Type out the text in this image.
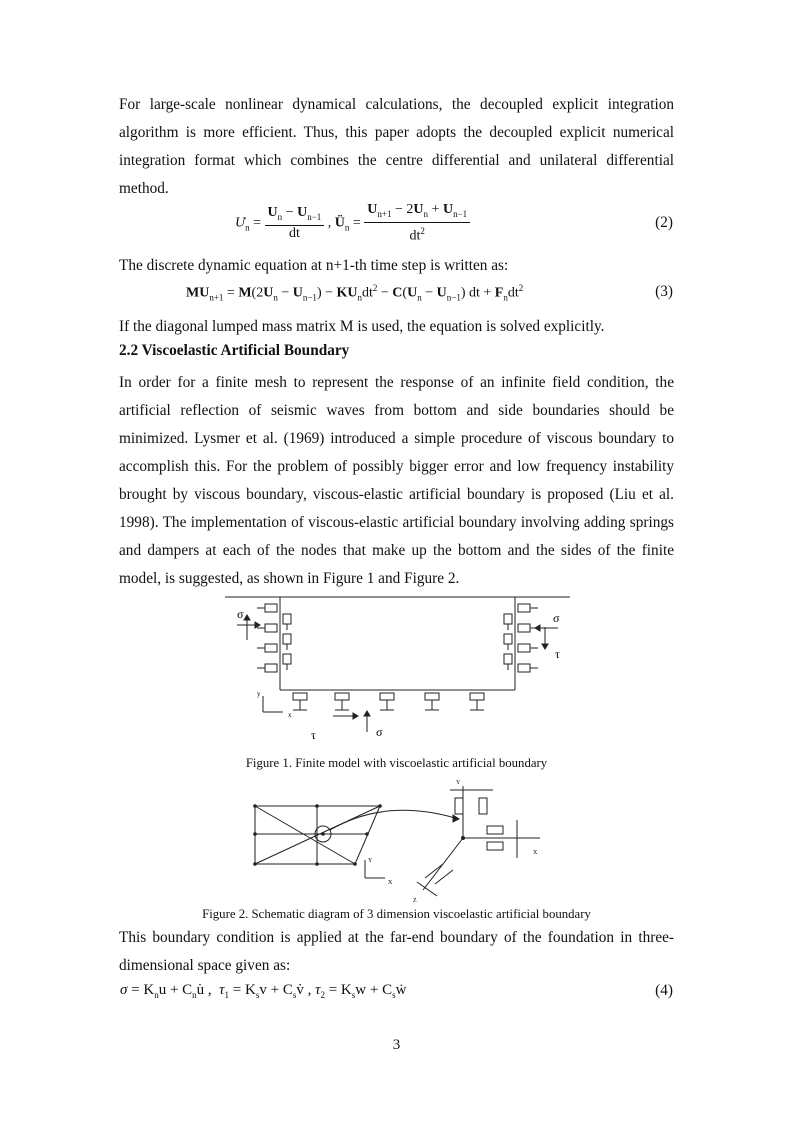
For large-scale nonlinear dynamical calculations, the decoupled explicit integration algorithm is more efficient. Thus, this paper adopts the decoupled explicit numerical integration format which combines the centre differential and unilateral differential method.
$U_n = \frac{U_n - U_{n-1}}{dt}$ , $Ü_n = \frac{U_{n+1} - 2U_n + U_{n-1}}{dt^2}$	(2)
The discrete dynamic equation at n+1-th time step is written as:
$MU_{n+1} = M(2U_n - U_{n-1}) - KU_ndt^2 - C(U_n - U_{n-1})$ dt + $F_ndt^2$	(3)
If the diagonal lumped mass matrix M is used, the equation is solved explicitly.
2.2 Viscoelastic Artificial Boundary
In order for a finite mesh to represent the response of an infinite field condition, the artificial reflection of seismic waves from bottom and side boundaries should be minimized. Lysmer et al. (1969) introduced a simple procedure of viscous boundary to accomplish this. For the problem of possibly bigger error and low frequency instability brought by viscous boundary, viscous-elastic artificial boundary is proposed (Liu et al. 1998). The implementation of viscous-elastic artificial boundary involving adding springs and dampers at each of the nodes that make up the bottom and the sides of the finite model, is suggested, as shown in Figure 1 and Figure 2.
σ	σ
τ
τ	σ
y
x
Figure 1. Finite model with viscoelastic artificial boundary
Y
X
Y
X
Z
Figure 2. Schematic diagram of 3 dimension viscoelastic artificial boundary
This boundary condition is applied at the far-end boundary of the foundation in three-dimensional space given as:
$\sigma = K_nu$ + $C_nu̇$ ,  $\tau_1 = K_sv$ + $C_sv̇$ , $\tau_2 = K_sw$ + $C_sẇ$	(4)
3
